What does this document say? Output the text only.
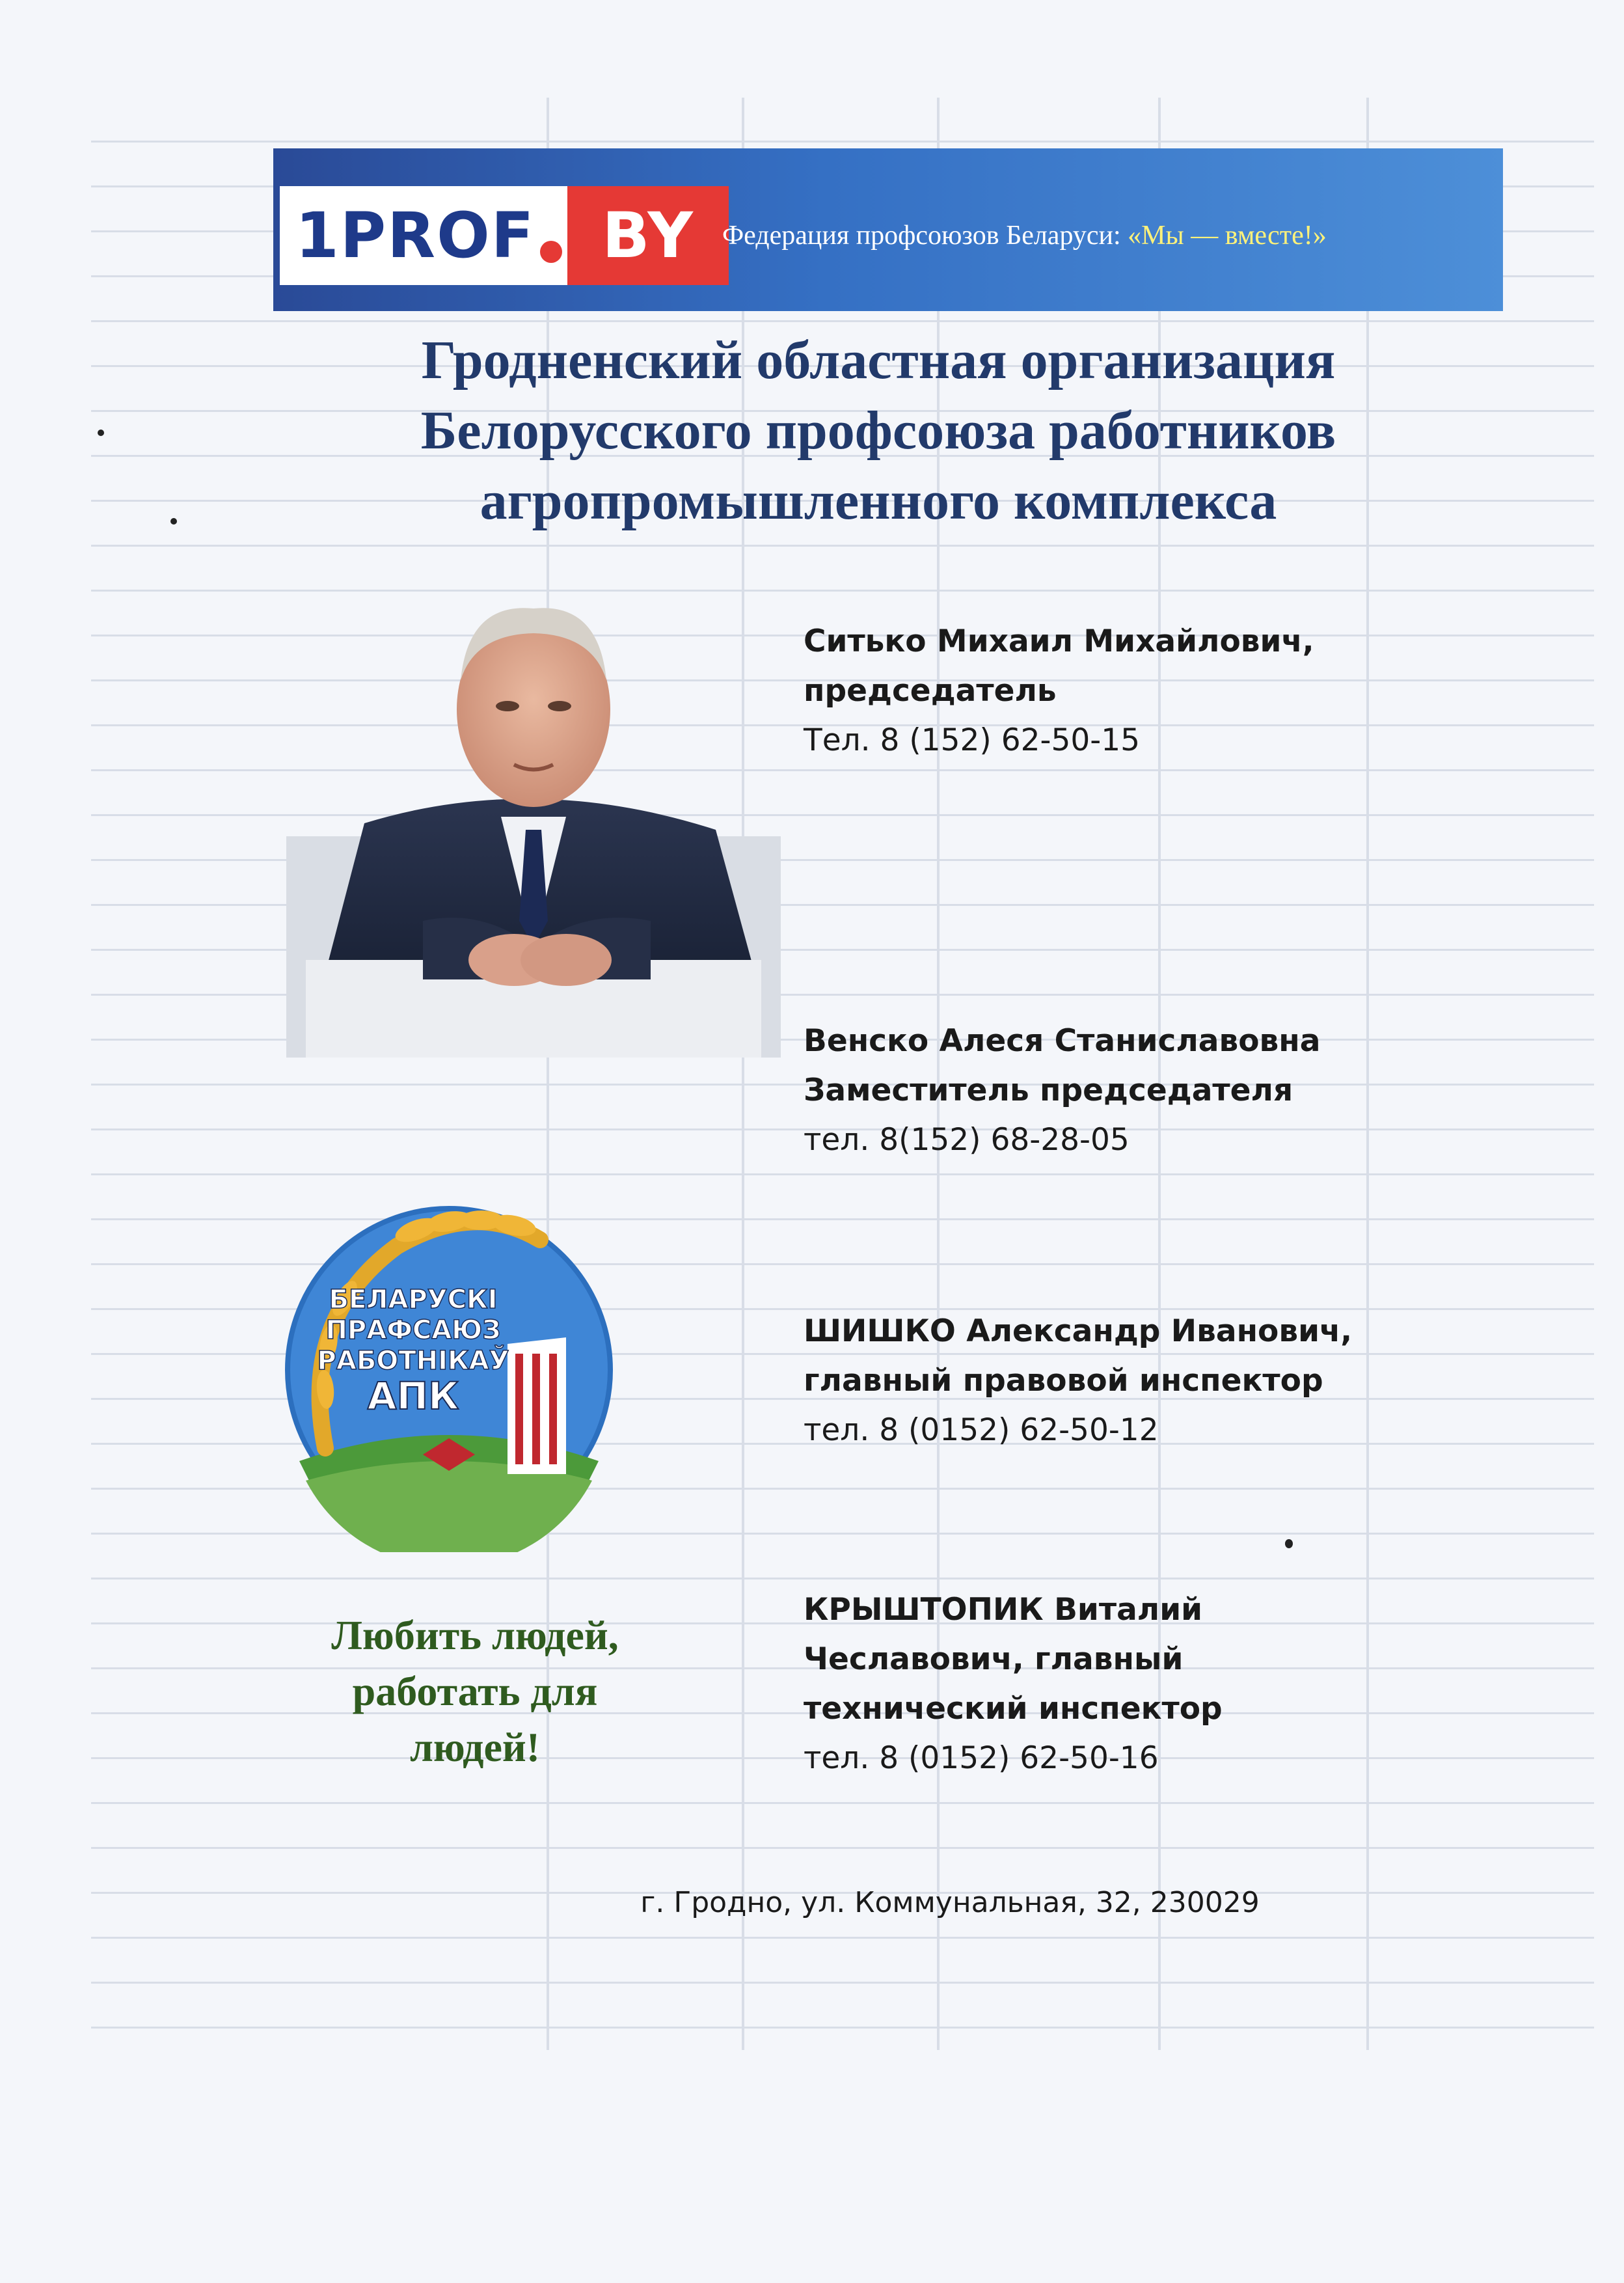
1PROF	BY	Федерация профсоюзов Беларуси: «Мы — вместе!»
Гродненский областная организация
Белорусского профсоюза работников
агропромышленного комплекса
Ситько Михаил Михайлович,
председатель
Тел. 8 (152) 62-50-15
Венско Алеся Станиславовна
Заместитель председателя
тел. 8(152) 68-28-05
ШИШКО Александр Иванович,
главный правовой инспектор
тел. 8 (0152) 62-50-12
КРЫШТОПИК Виталий
Чеславович, главный
технический инспектор
тел. 8 (0152) 62-50-16
БЕЛАРУСКІ
ПРАФСАЮЗ
РАБОТНІКАЎ
АПК
Любить людей,
работать для
людей!
г. Гродно, ул. Коммунальная, 32, 230029
